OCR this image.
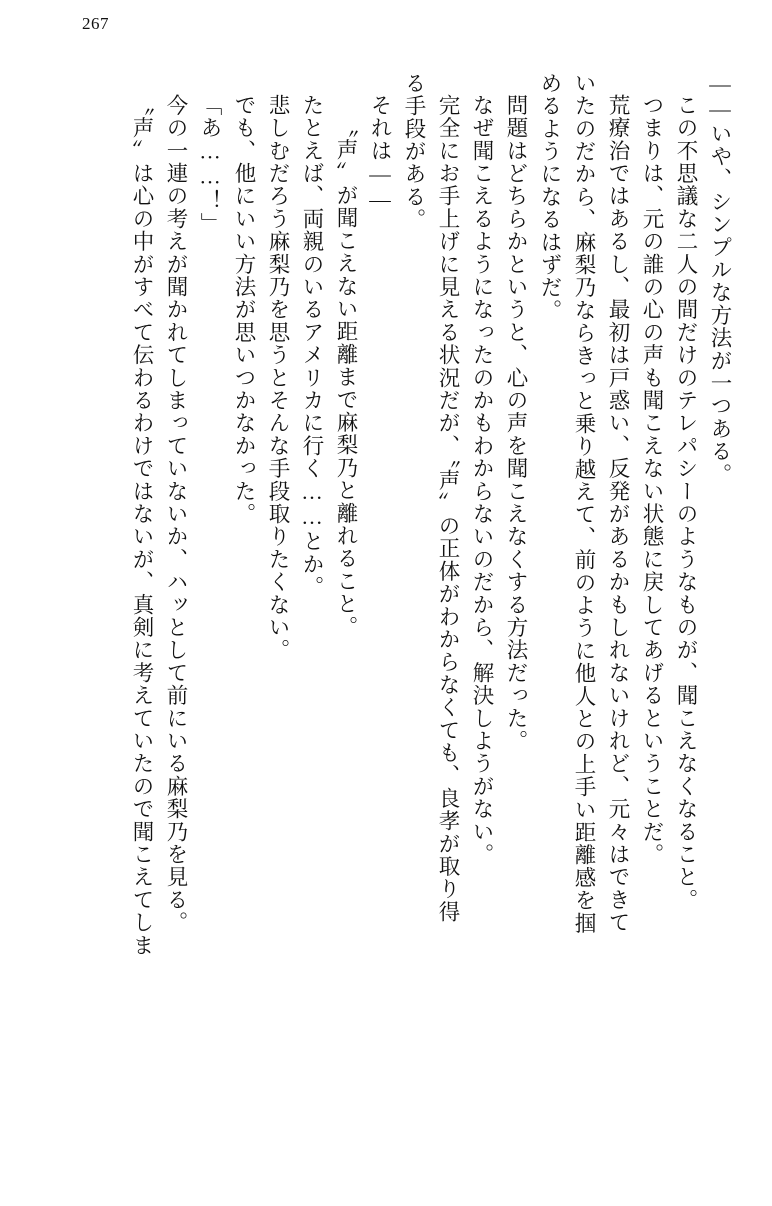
267
――いや、シンプルな方法が一つある。
この不思議な二人の間だけのテレパシーのようなものが、聞こえなくなること。
つまりは、元の誰の心の声も聞こえない状態に戻してあげるということだ。
荒療治ではあるし、最初は戸惑い、反発があるかもしれないけれど、元々はできて
いたのだから、麻梨乃ならきっと乗り越えて、前のように他人との上手い距離感を掴
めるようになるはずだ。
問題はどちらかというと、心の声を聞こえなくする方法だった。
なぜ聞こえるようになったのかもわからないのだから、解決しようがない。
完全にお手上げに見える状況だが、〝声〟の正体がわからなくても、良孝が取り得
る手段がある。
それは――
〝声〟が聞こえない距離まで麻梨乃と離れること。
たとえば、両親のいるアメリカに行く……とか。
悲しむだろう麻梨乃を思うとそんな手段取りたくない。
でも、他にいい方法が思いつかなかった。
「あ……！」
今の一連の考えが聞かれてしまっていないか、ハッとして前にいる麻梨乃を見る。
〝声〟は心の中がすべて伝わるわけではないが、真剣に考えていたので聞こえてしま
